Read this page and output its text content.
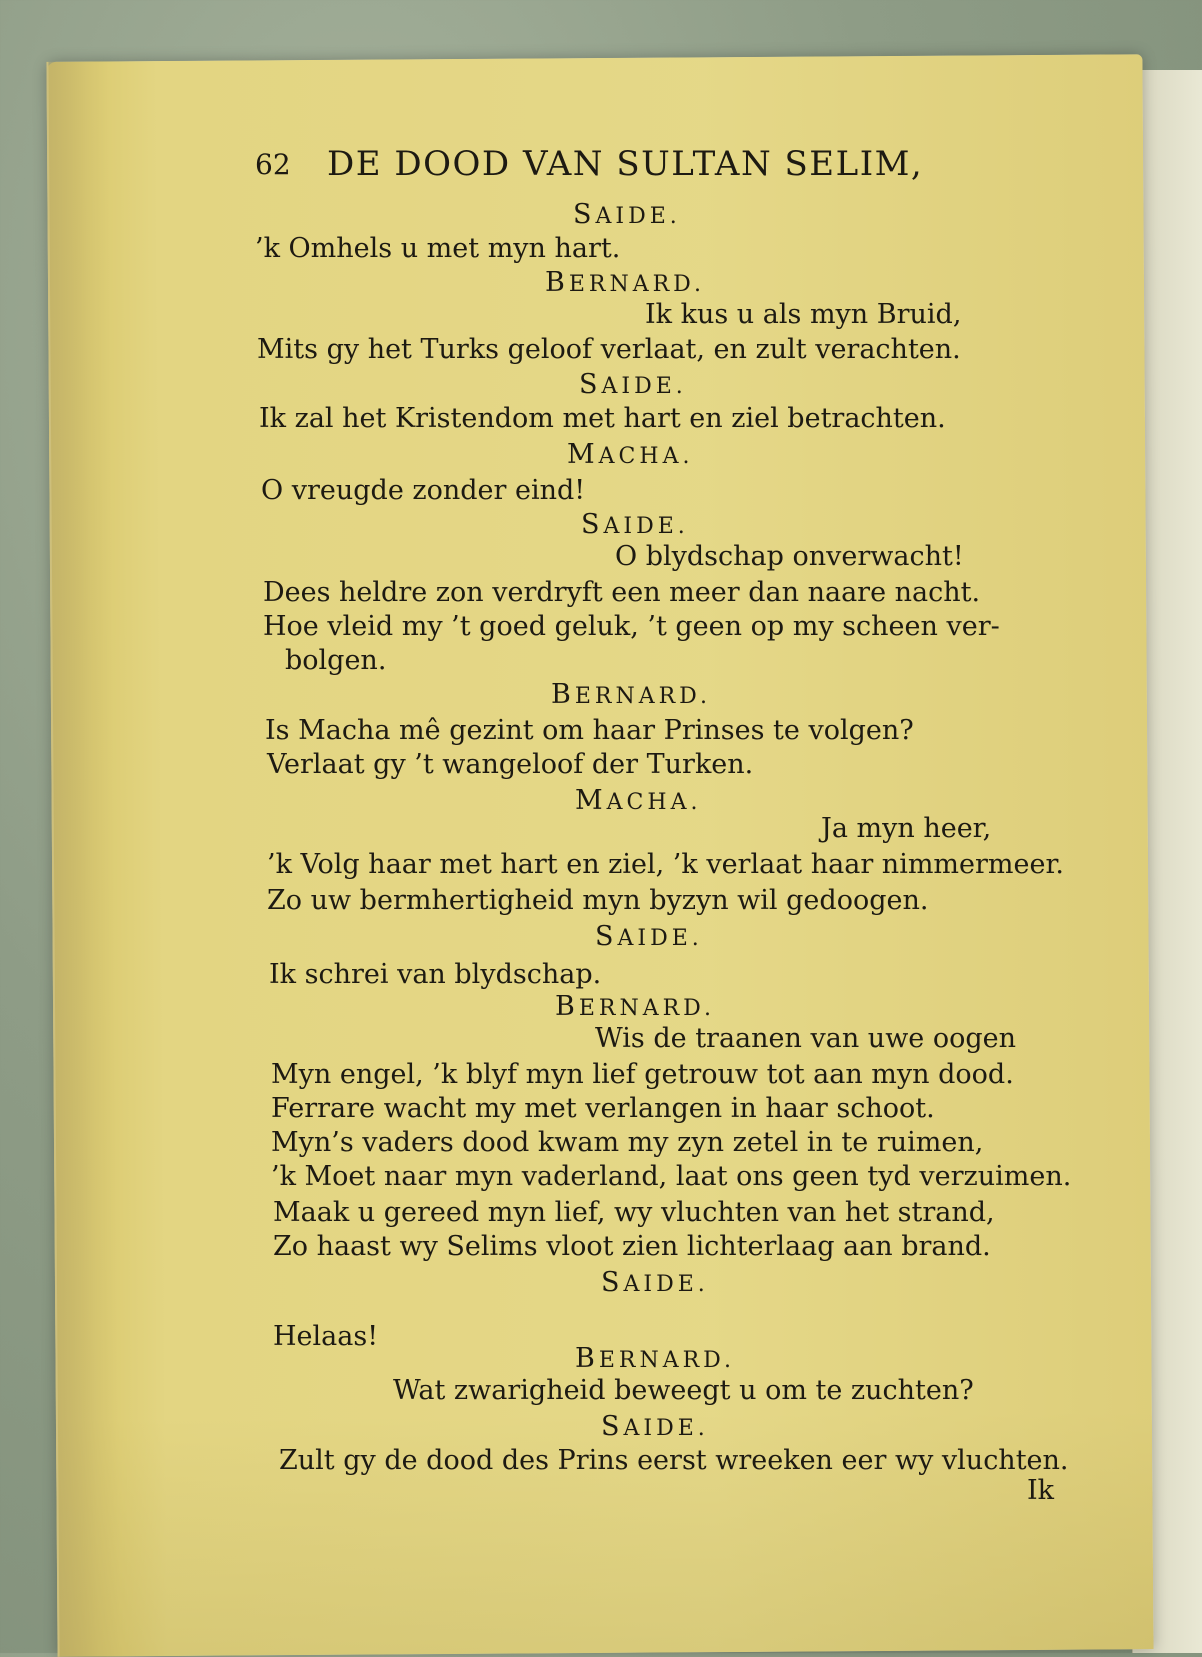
62 DE DOOD VAN SULTAN SELIM,
SAIDE.
’k Omhels u met myn hart.
BERNARD.
Ik kus u als myn Bruid,
Mits gy het Turks geloof verlaat, en zult verachten.
SAIDE.
Ik zal het Kristendom met hart en ziel betrachten.
MACHA.
O vreugde zonder eind!
SAIDE.
O blydschap onverwacht!
Dees heldre zon verdryft een meer dan naare nacht.
Hoe vleid my ’t goed geluk, ’t geen op my scheen ver-
bolgen.
BERNARD.
Is Macha mê gezint om haar Prinses te volgen?
Verlaat gy ’t wangeloof der Turken.
MACHA.
Ja myn heer,
’k Volg haar met hart en ziel, ’k verlaat haar nimmermeer.
Zo uw bermhertigheid myn byzyn wil gedoogen.
SAIDE.
Ik schrei van blydschap.
BERNARD.
Wis de traanen van uwe oogen
Myn engel, ’k blyf myn lief getrouw tot aan myn dood.
Ferrare wacht my met verlangen in haar schoot.
Myn’s vaders dood kwam my zyn zetel in te ruimen,
’k Moet naar myn vaderland, laat ons geen tyd verzuimen.
Maak u gereed myn lief, wy vluchten van het strand,
Zo haast wy Selims vloot zien lichterlaag aan brand.
SAIDE.
Helaas!
BERNARD.
Wat zwarigheid beweegt u om te zuchten?
SAIDE.
Zult gy de dood des Prins eerst wreeken eer wy vluchten.
Ik
